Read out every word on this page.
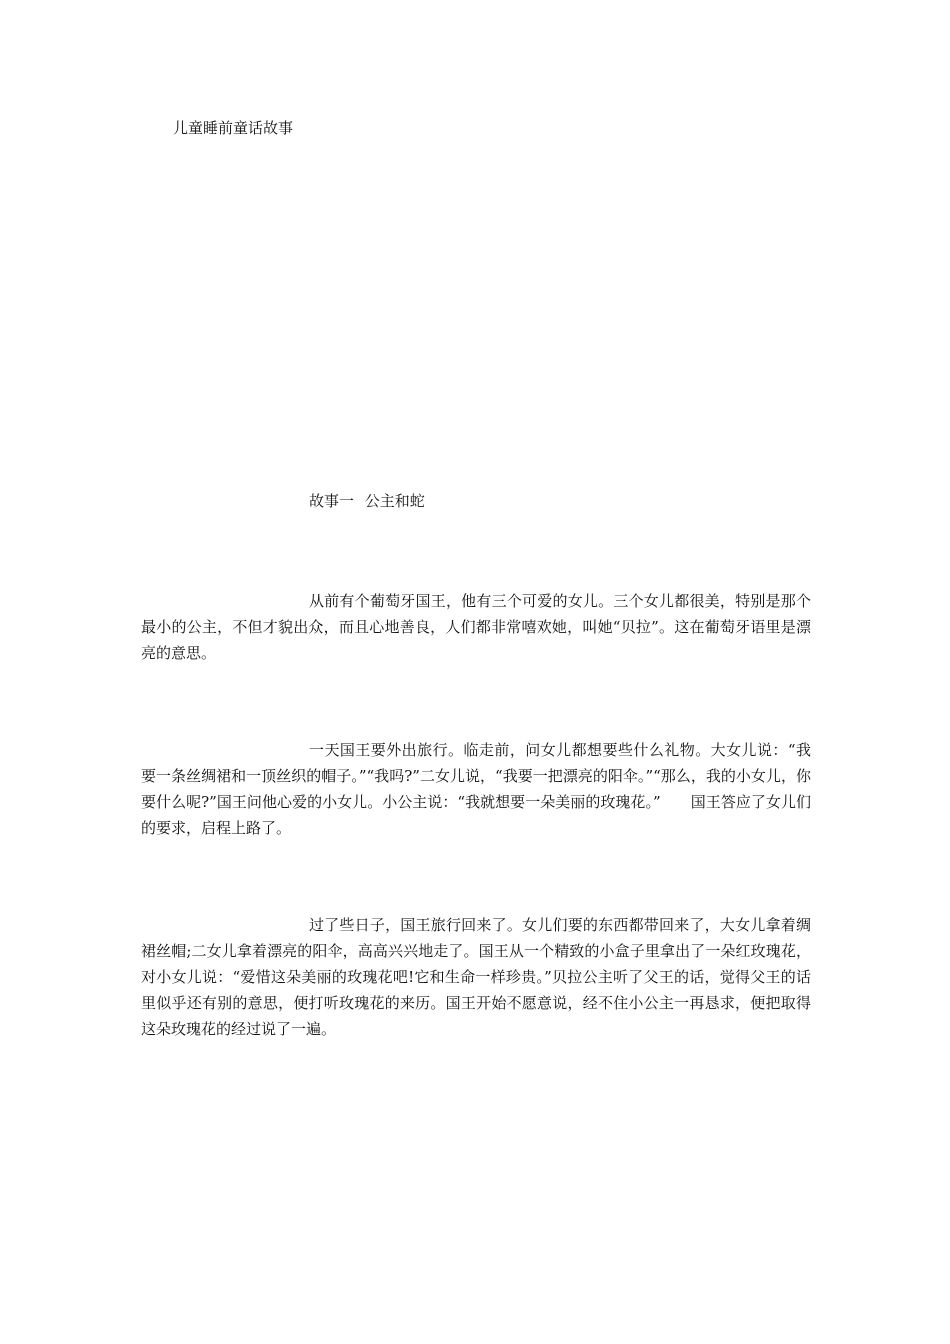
儿童睡前童话故事
故事一 公主和蛇

从前有个葡萄牙国王，他有三个可爱的女儿。三个女儿都很美，特别是那个最小的公主，不但才貌出众，而且心地善良，人们都非常嘻欢她，叫她“贝拉”。这在葡萄牙语里是漂亮的意思。

一天国王要外出旅行。临走前，问女儿都想要些什么礼物。大女儿说：“我要一条丝绸裙和一顶丝织的帽子。”“我吗?”二女儿说，“我要一把漂亮的阳伞。”“那么，我的小女儿，你要什么呢?”国王问他心爱的小女儿。小公主说：“我就想要一朵美丽的玫瑰花。”　　国王答应了女儿们的要求，启程上路了。

过了些日子，国王旅行回来了。女儿们要的东西都带回来了，大女儿拿着绸裙丝帽;二女儿拿着漂亮的阳伞，高高兴兴地走了。国王从一个精致的小盒子里拿出了一朵红玫瑰花，对小女儿说：“爱惜这朵美丽的玫瑰花吧!它和生命一样珍贵。”贝拉公主听了父王的话，觉得父王的话里似乎还有别的意思，便打听玫瑰花的来历。国王开始不愿意说，经不住小公主一再恳求，便把取得这朵玫瑰花的经过说了一遍。
